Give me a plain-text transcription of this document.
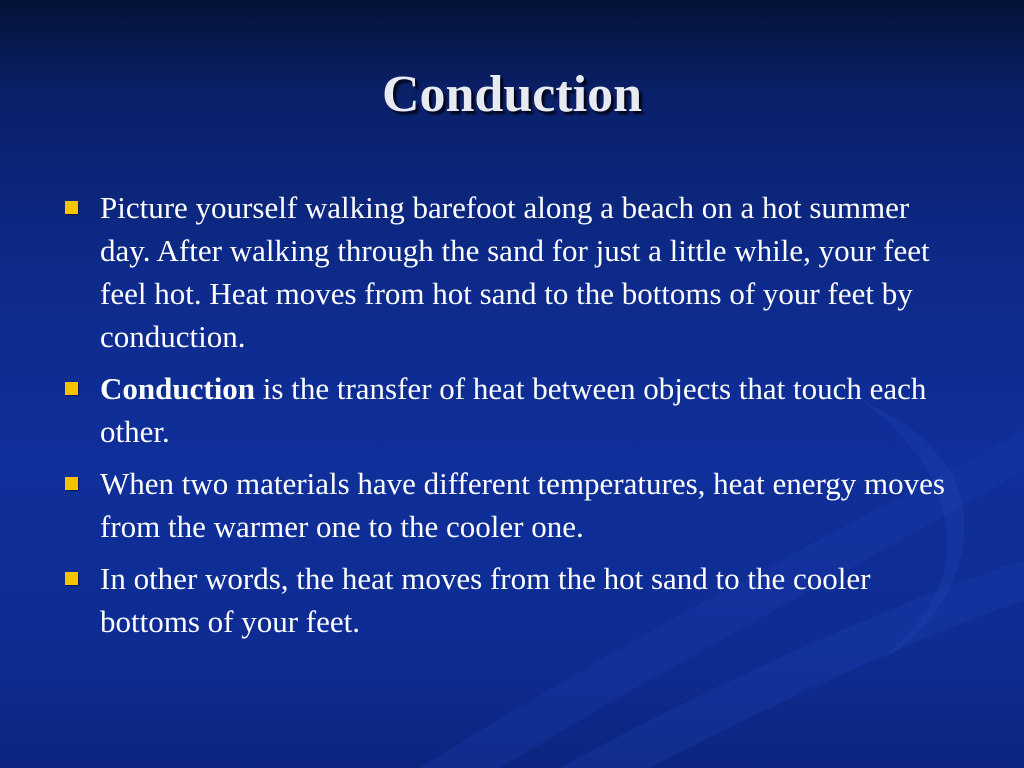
Conduction
Picture yourself walking barefoot along a beach on a hot summer day. After walking through the sand for just a little while, your feet feel hot. Heat moves from hot sand to the bottoms of your feet by conduction.
Conduction is the transfer of heat between objects that touch each other.
When two materials have different temperatures, heat energy moves from the warmer one to the cooler one.
In other words, the heat moves from the hot sand to the cooler bottoms of your feet.
